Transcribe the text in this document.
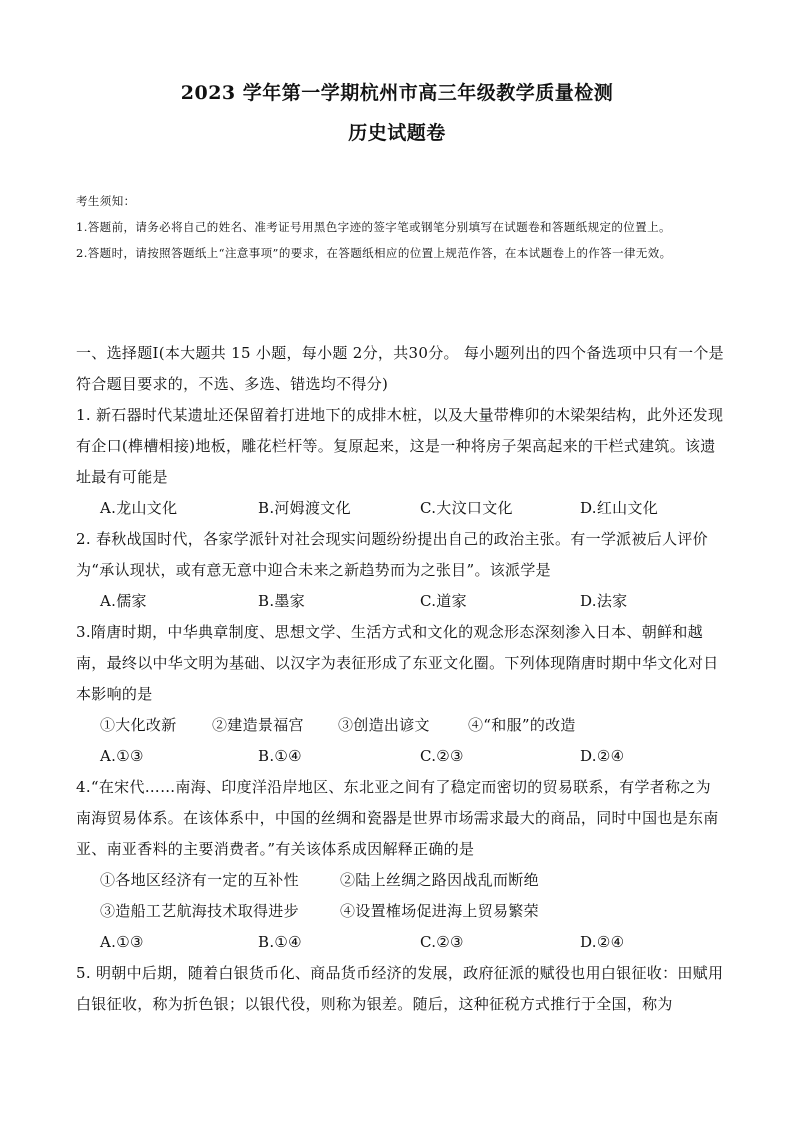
2023 学年第一学期杭州市高三年级教学质量检测
历史试题卷
考生须知：
1.答题前，请务必将自己的姓名、准考证号用黑色字迹的签字笔或钢笔分别填写在试题卷和答题纸规定的位置上。
2.答题时，请按照答题纸上“注意事项”的要求，在答题纸相应的位置上规范作答，在本试题卷上的作答一律无效。

一、选择题Ⅰ(本大题共 15 小题，每小题 2分，共30分。 每小题列出的四个备选项中只有一个是符合题目要求的，不选、多选、错选均不得分)

1. 新石器时代某遗址还保留着打进地下的成排木桩，以及大量带榫卯的木梁架结构，此外还发现有企口(榫槽相接)地板，雕花栏杆等。复原起来，这是一种将房子架高起来的干栏式建筑。该遗址最有可能是

A.龙山文化	B.河姆渡文化	C.大汶口文化	D.红山文化

2. 春秋战国时代，各家学派针对社会现实问题纷纷提出自己的政治主张。有一学派被后人评价为“承认现状，或有意无意中迎合未来之新趋势而为之张目”。该派学是

A.儒家	B.墨家	C.道家	D.法家

3.隋唐时期，中华典章制度、思想文学、生活方式和文化的观念形态深刻渗入日本、朝鲜和越南，最终以中华文明为基础、以汉字为表征形成了东亚文化圈。下列体现隋唐时期中华文化对日本影响的是

①大化改新 ②建造景福宫 ③创造出谚文	④“和服”的改造
A.①③	B.①④	C.②③	D.②④

4.“在宋代……南海、印度洋沿岸地区、东北亚之间有了稳定而密切的贸易联系，有学者称之为南海贸易体系。在该体系中，中国的丝绸和瓷器是世界市场需求最大的商品，同时中国也是东南亚、南亚香料的主要消费者。”有关该体系成因解释正确的是

①各地区经济有一定的互补性	②陆上丝绸之路因战乱而断绝
③造船工艺航海技术取得进步	④设置榷场促进海上贸易繁荣
A.①③	B.①④	C.②③	D.②④

5. 明朝中后期，随着白银货币化、商品货币经济的发展，政府征派的赋役也用白银征收：田赋用白银征收，称为折色银；以银代役，则称为银差。随后，这种征税方式推行于全国，称为
